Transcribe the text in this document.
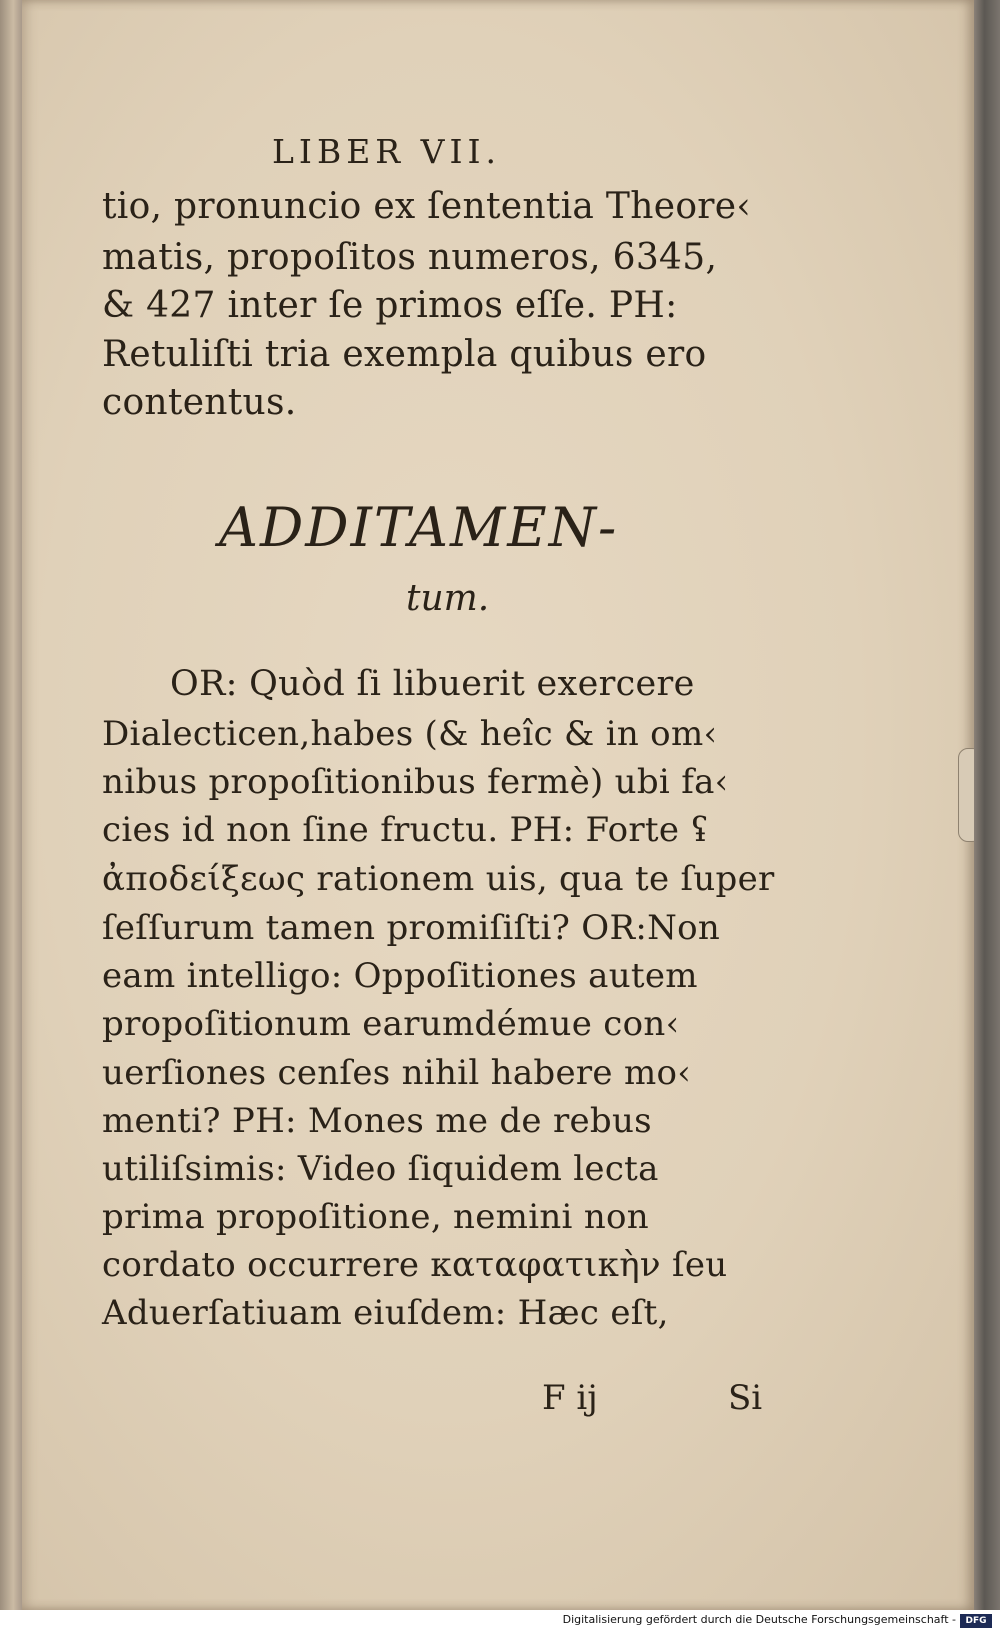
LIBER VII.
tio, pronuncio ex ſententia Theore‹
matis, propoſitos numeros, 6345,
& 427 inter ſe primos eſſe. PH:
Retuliſti tria exempla quibus ero
contentus.
ADDITAMEN-
tum.
OR: Quòd ſi libuerit exercere
Dialecticen,habes (& heîc & in om‹
nibus propoſitionibus fermè) ubi fa‹
cies id non ſine fructu. PH: Forte ʢ
ἀποδείξεως rationem uis, qua te ſuper
ſeſſurum tamen promiſiſti? OR:Non
eam intelligo: Oppoſitiones autem
propoſitionum earumdémue con‹
uerſiones cenſes nihil habere mo‹
menti? PH: Mones me de rebus
utiliſsimis: Video ſiquidem lecta
prima propoſitione, nemini non
cordato occurrere καταφατικὴν ſeu
Aduerſatiuam eiuſdem: Hæc eſt,
F ij	Si
Digitalisierung gefördert durch die Deutsche Forschungsgemeinschaft -	DFG
